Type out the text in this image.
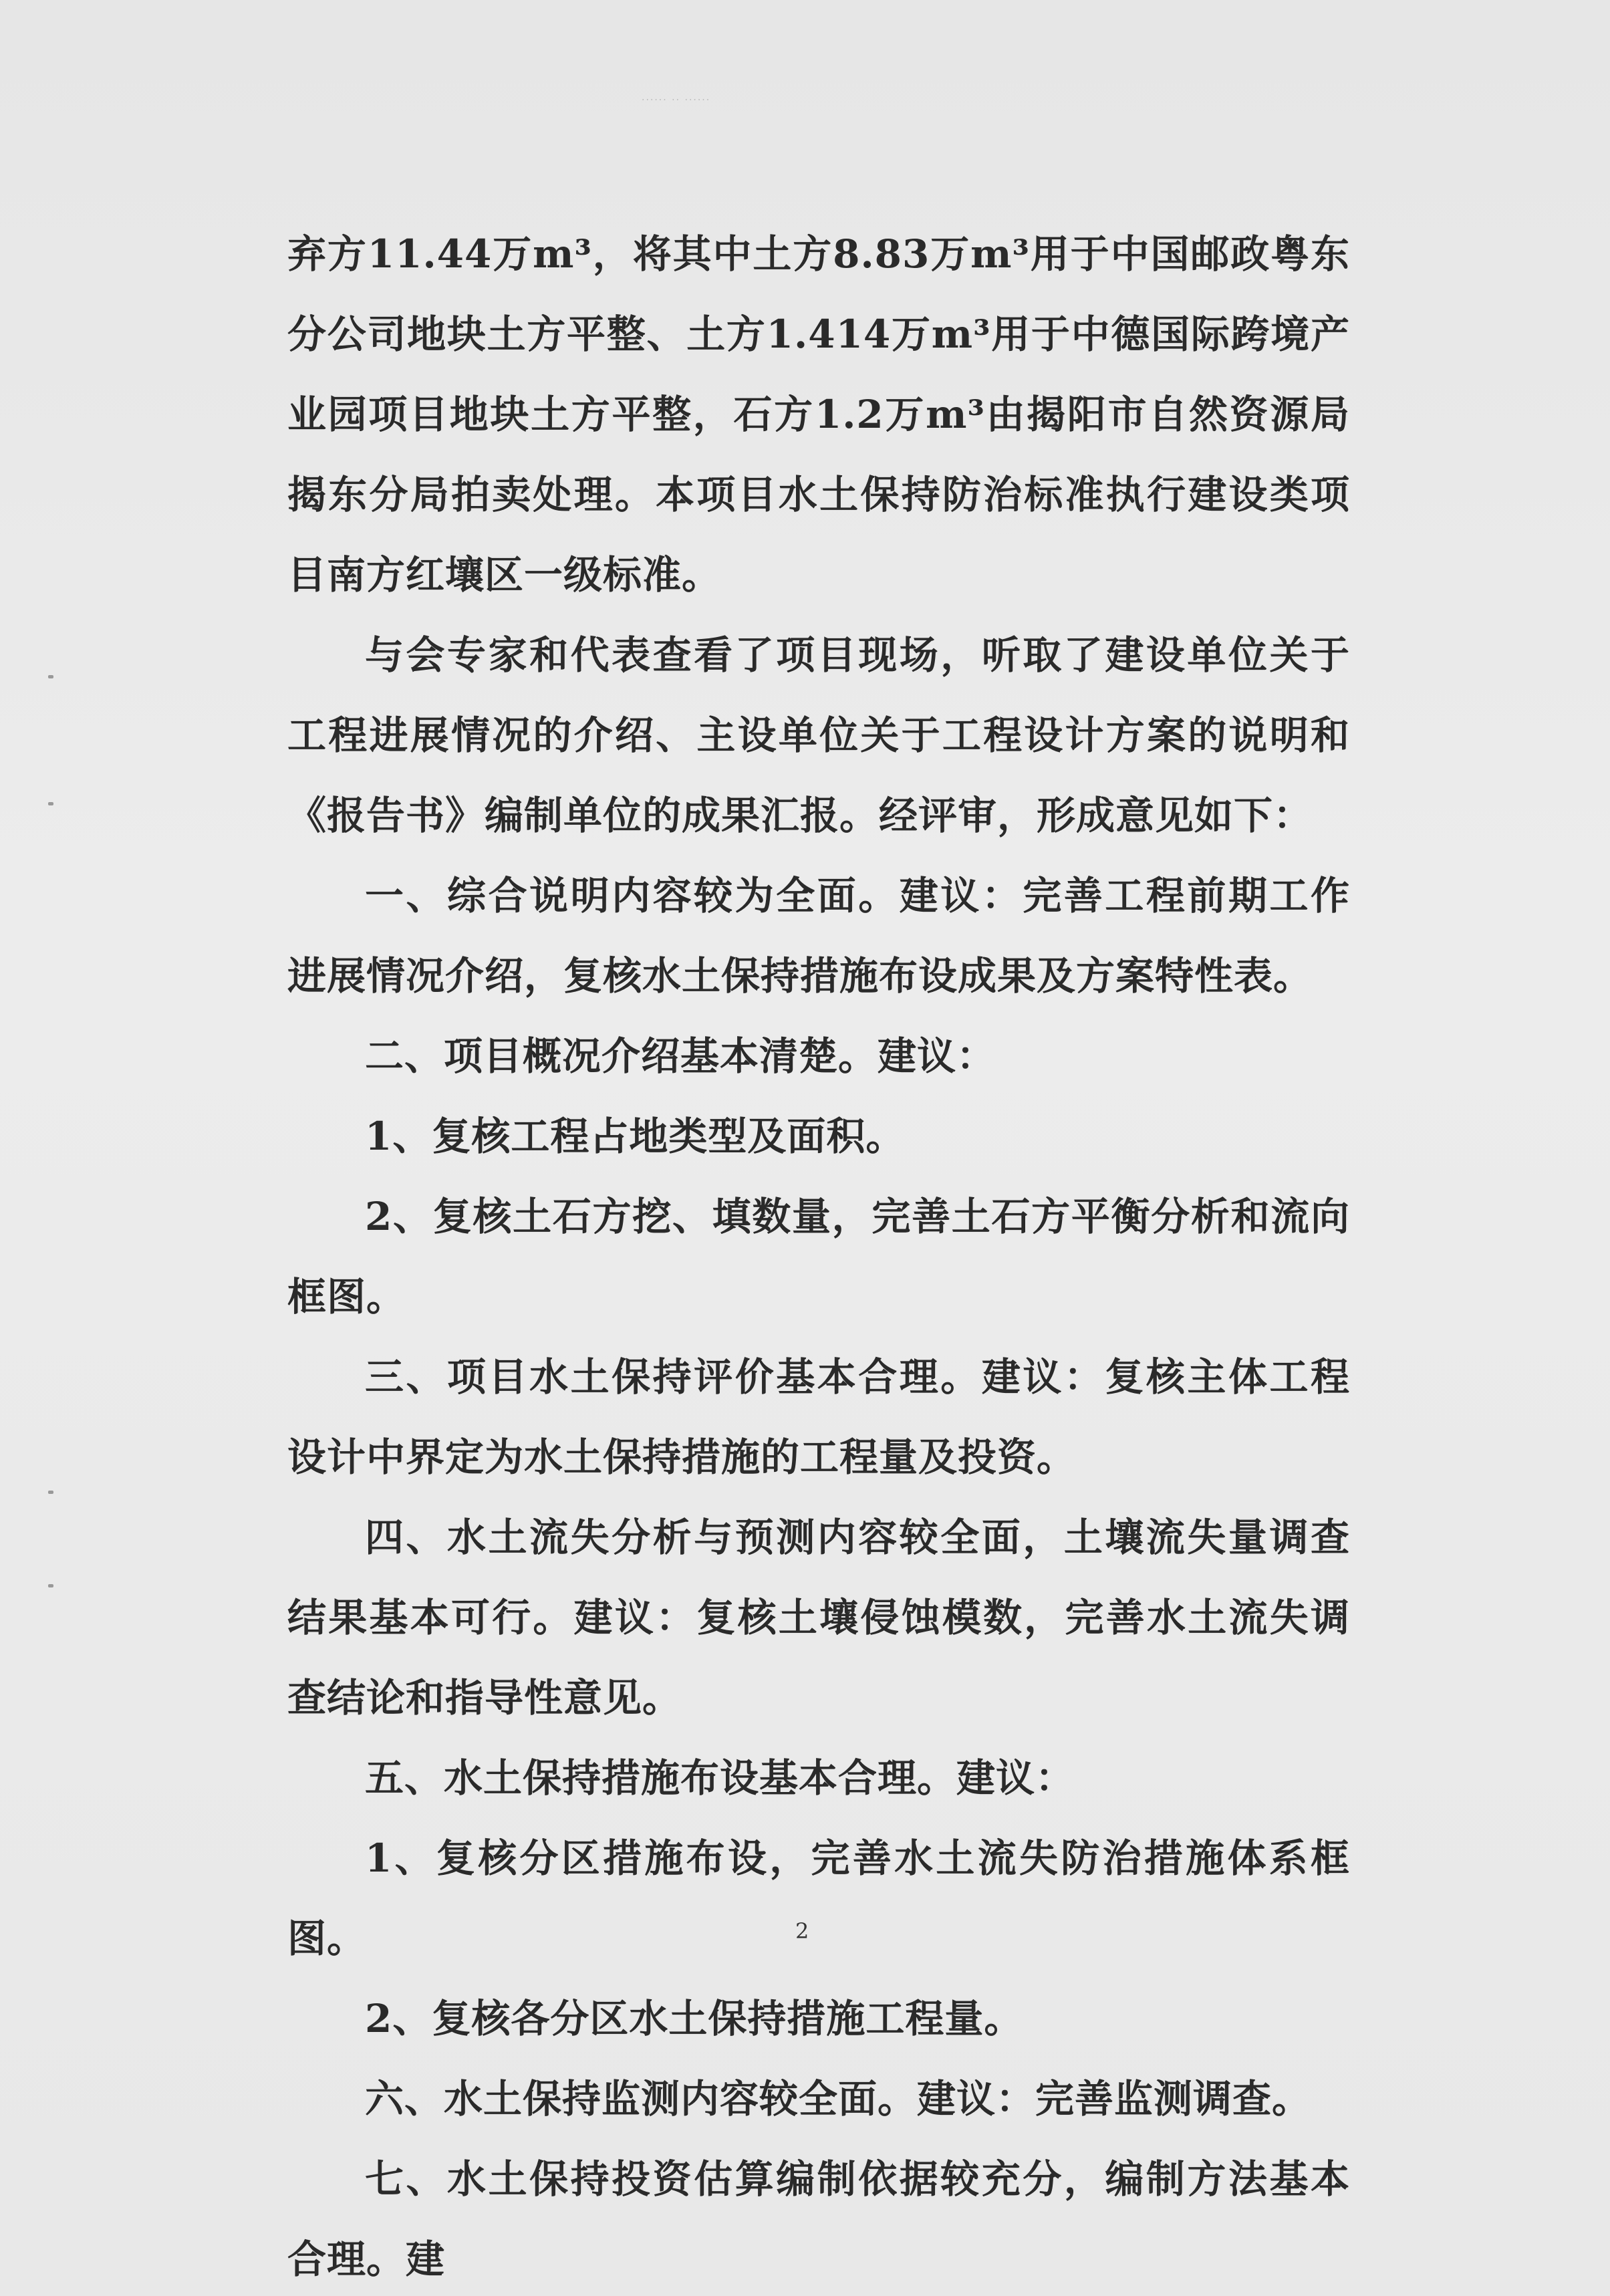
...... .. ......

弃方11.44万m³，将其中土方8.83万m³用于中国邮政粤东分公司地块土方平整、土方1.414万m³用于中德国际跨境产业园项目地块土方平整，石方1.2万m³由揭阳市自然资源局揭东分局拍卖处理。本项目水土保持防治标准执行建设类项目南方红壤区一级标准。

与会专家和代表查看了项目现场，听取了建设单位关于工程进展情况的介绍、主设单位关于工程设计方案的说明和《报告书》编制单位的成果汇报。经评审，形成意见如下：

一、综合说明内容较为全面。建议：完善工程前期工作进展情况介绍，复核水土保持措施布设成果及方案特性表。

二、项目概况介绍基本清楚。建议：

1、复核工程占地类型及面积。

2、复核土石方挖、填数量，完善土石方平衡分析和流向框图。

三、项目水土保持评价基本合理。建议：复核主体工程设计中界定为水土保持措施的工程量及投资。

四、水土流失分析与预测内容较全面，土壤流失量调查结果基本可行。建议：复核土壤侵蚀模数，完善水土流失调查结论和指导性意见。

五、水土保持措施布设基本合理。建议：

1、复核分区措施布设，完善水土流失防治措施体系框图。

2、复核各分区水土保持措施工程量。

六、水土保持监测内容较全面。建议：完善监测调查。

七、水土保持投资估算编制依据较充分，编制方法基本合理。建

2
